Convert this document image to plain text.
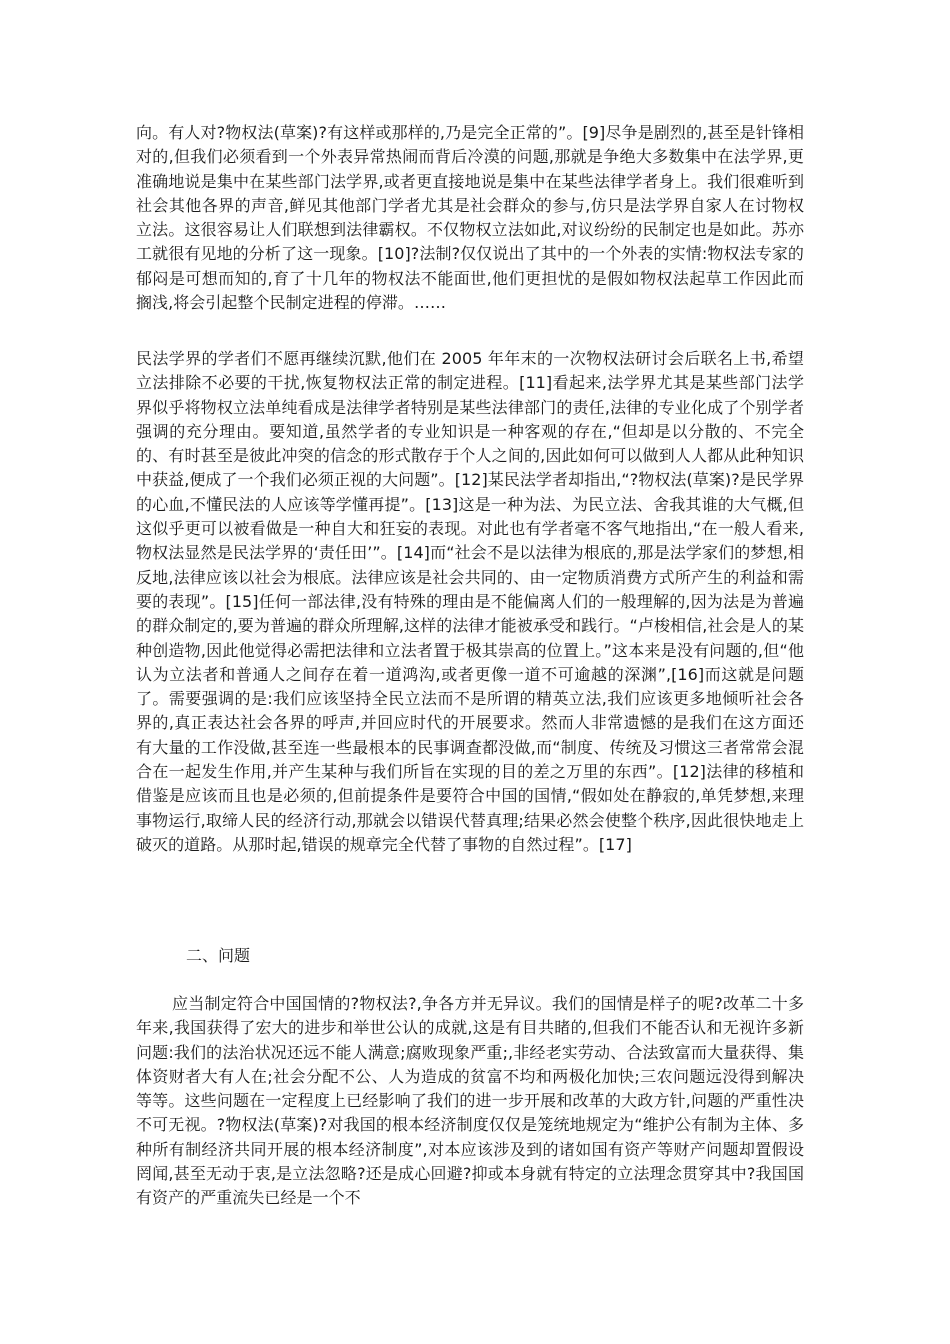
向。有人对?物权法(草案)?有这样或那样的,乃是完全正常的”。[9]尽争是剧烈的,甚至是针锋相对的,但我们必须看到一个外表异常热闹而背后冷漠的问题,那就是争绝大多数集中在法学界,更准确地说是集中在某些部门法学界,或者更直接地说是集中在某些法律学者身上。我们很难听到社会其他各界的声音,鲜见其他部门学者尤其是社会群众的参与,仿只是法学界自家人在讨物权立法。这很容易让人们联想到法律霸权。不仅物权立法如此,对议纷纷的民制定也是如此。苏亦工就很有见地的分析了这一现象。[10]?法制?仅仅说出了其中的一个外表的实情:物权法专家的郁闷是可想而知的,育了十几年的物权法不能面世,他们更担忧的是假如物权法起草工作因此而搁浅,将会引起整个民制定进程的停滞。……

民法学界的学者们不愿再继续沉默,他们在 2005 年年末的一次物权法研讨会后联名上书,希望立法排除不必要的干扰,恢复物权法正常的制定进程。[11]看起来,法学界尤其是某些部门法学界似乎将物权立法单纯看成是法律学者特别是某些法律部门的责任,法律的专业化成了个别学者强调的充分理由。要知道,虽然学者的专业知识是一种客观的存在,“但却是以分散的、不完全的、有时甚至是彼此冲突的信念的形式散存于个人之间的,因此如何可以做到人人都从此种知识中获益,便成了一个我们必须正视的大问题”。[12]某民法学者却指出,“?物权法(草案)?是民学界的心血,不懂民法的人应该等学懂再提”。[13]这是一种为法、为民立法、舍我其谁的大气概,但这似乎更可以被看做是一种自大和狂妄的表现。对此也有学者毫不客气地指出,“在一般人看来,物权法显然是民法学界的‘责任田’”。[14]而“社会不是以法律为根底的,那是法学家们的梦想,相反地,法律应该以社会为根底。法律应该是社会共同的、由一定物质消费方式所产生的利益和需要的表现”。[15]任何一部法律,没有特殊的理由是不能偏离人们的一般理解的,因为法是为普遍的群众制定的,要为普遍的群众所理解,这样的法律才能被承受和践行。“卢梭相信,社会是人的某种创造物,因此他觉得必需把法律和立法者置于极其崇高的位置上。”这本来是没有问题的,但“他认为立法者和普通人之间存在着一道鸿沟,或者更像一道不可逾越的深渊”,[16]而这就是问题了。需要强调的是:我们应该坚持全民立法而不是所谓的精英立法,我们应该更多地倾听社会各界的,真正表达社会各界的呼声,并回应时代的开展要求。然而人非常遗憾的是我们在这方面还有大量的工作没做,甚至连一些最根本的民事调查都没做,而“制度、传统及习惯这三者常常会混合在一起发生作用,并产生某种与我们所旨在实现的目的差之万里的东西”。[12]法律的移植和借鉴是应该而且也是必须的,但前提条件是要符合中国的国情,“假如处在静寂的,单凭梦想,来理事物运行,取缔人民的经济行动,那就会以错误代替真理;结果必然会使整个秩序,因此很快地走上破灭的道路。从那时起,错误的规章完全代替了事物的自然过程”。[17]

二、问题

应当制定符合中国国情的?物权法?,争各方并无异议。我们的国情是样子的呢?改革二十多年来,我国获得了宏大的进步和举世公认的成就,这是有目共睹的,但我们不能否认和无视许多新问题:我们的法治状况还远不能人满意;腐败现象严重;,非经老实劳动、合法致富而大量获得、集体资财者大有人在;社会分配不公、人为造成的贫富不均和两极化加快;三农问题远没得到解决等等。这些问题在一定程度上已经影响了我们的进一步开展和改革的大政方针,问题的严重性决不可无视。?物权法(草案)?对我国的根本经济制度仅仅是笼统地规定为“维护公有制为主体、多种所有制经济共同开展的根本经济制度”,对本应该涉及到的诸如国有资产等财产问题却置假设罔闻,甚至无动于衷,是立法忽略?还是成心回避?抑或本身就有特定的立法理念贯穿其中?我国国有资产的严重流失已经是一个不
